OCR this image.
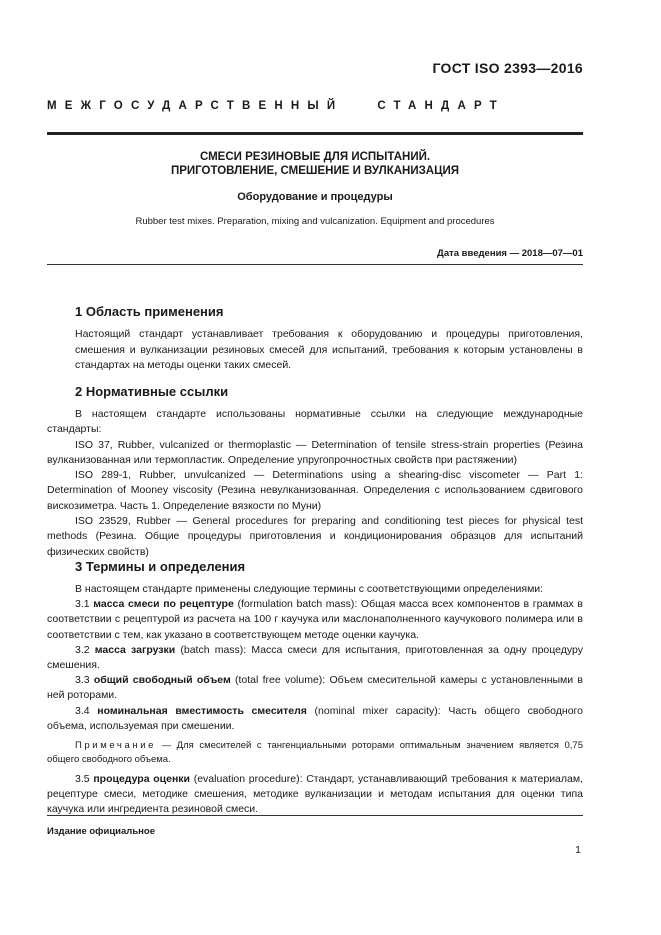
ГОСТ ISO 2393—2016
МЕЖГОСУДАРСТВЕННЫЙ	СТАНДАРТ
СМЕСИ РЕЗИНОВЫЕ ДЛЯ ИСПЫТАНИЙ.
ПРИГОТОВЛЕНИЕ, СМЕШЕНИЕ И ВУЛКАНИЗАЦИЯ
Оборудование и процедуры
Rubber test mixes. Preparation, mixing and vulcanization. Equipment and procedures
Дата введения — 2018—07—01
1 Область применения

Настоящий стандарт устанавливает требования к оборудованию и процедуры приготовления, смешения и вулканизации резиновых смесей для испытаний, требования к которым установлены в стандартах на методы оценки таких смесей.

2 Нормативные ссылки

В настоящем стандарте использованы нормативные ссылки на следующие международные стандарты:

ISO 37, Rubber, vulcanized or thermoplastic — Determination of tensile stress-strain properties (Резина вулканизованная или термопластик. Определение упругопрочностных свойств при растяжении)

ISO 289-1, Rubber, unvulcanized — Determinations using a shearing-disc viscometer — Part 1: Determination of Mooney viscosity (Резина невулканизованная. Определения с использованием сдвигового вискозиметра. Часть 1. Определение вязкости по Муни)

ISO 23529, Rubber — General procedures for preparing and conditioning test pieces for physical test methods (Резина. Общие процедуры приготовления и кондиционирования образцов для испытаний физических свойств)

3 Термины и определения

В настоящем стандарте применены следующие термины с соответствующими определениями:

3.1 масса смеси по рецептуре (formulation batch mass): Общая масса всех компонентов в граммах в соответствии с рецептурой из расчета на 100 г каучука или маслонаполненного каучукового полимера или в соответствии с тем, как указано в соответствующем методе оценки каучука.

3.2 масса загрузки (batch mass): Масса смеси для испытания, приготовленная за одну процедуру смешения.

3.3 общий свободный объем (total free volume): Объем смесительной камеры с установленными в ней роторами.

3.4 номинальная вместимость смесителя (nominal mixer capacity): Часть общего свободного объема, используемая при смешении.

Примечание — Для смесителей с тангенциальными роторами оптимальным значением является 0,75 общего свободного объема.

3.5 процедура оценки (evaluation procedure): Стандарт, устанавливающий требования к материалам, рецептуре смеси, методике смешения, методике вулканизации и методам испытания для оценки типа каучука или ингредиента резиновой смеси.

Издание официальное
1
